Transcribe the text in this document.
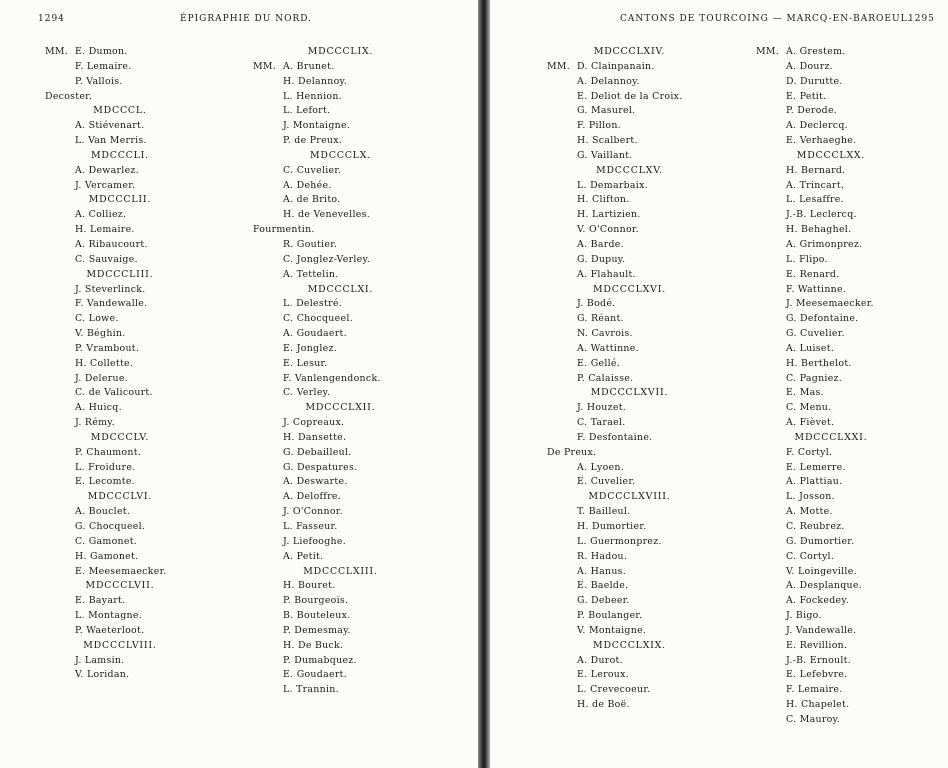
1294	ÉPIGRAPHIE DU NORD.
MM. E. Dumon.
F. Lemaire.
P. Vallois.
Decoster.
MDCCCL.
A. Stiévenart.
L. Van Merris.
MDCCCLI.
A. Dewarlez.
J. Vercamer.
MDCCCLII.
A. Colliez.
H. Lemaire.
A. Ribaucourt.
C. Sauvaige.
MDCCCLIII.
J. Steverlinck.
F. Vandewalle.
C. Lowe.
V. Béghin.
P. Vrambout.
H. Collette.
J. Delerue.
C. de Valicourt.
A. Huicq.
J. Rémy.
MDCCCLV.
P. Chaumont.
L. Froidure.
E. Lecomte.
MDCCCLVI.
A. Bouclet.
G. Chocqueel.
C. Gamonet.
H. Gamonet.
E. Meesemaecker.
MDCCCLVII.
E. Bayart.
L. Montagne.
P. Waeterloot.
MDCCCLVIII.
J. Lamsin.
V. Loridan.
MDCCCLIX.
MM. A. Brunet.
H. Delannoy.
L. Hennion.
L. Lefort.
J. Montaigne.
P. de Preux.
MDCCCLX.
C. Cuvelier.
A. Dehée.
A. de Brito.
H. de Venevelles.
Fourmentin.
R. Goutier.
C. Jonglez-Verley.
A. Tettelin.
MDCCCLXI.
L. Delestré.
C. Chocqueel.
A. Goudaert.
E. Jonglez.
E. Lesur.
F. Vanlengendonck.
C. Verley.
MDCCCLXII.
J. Copreaux.
H. Dansette.
G. Debailleul.
G. Despatures.
A. Deswarte.
A. Deloffre.
J. O'Connor.
L. Fasseur.
J. Liefooghe.
A. Petit.
MDCCCLXIII.
H. Bouret.
P. Bourgeois.
B. Bouteleux.
P. Demesmay.
H. De Buck.
P. Dumabquez.
E. Goudaert.
L. Trannin.
CANTONS DE TOURCOING — MARCQ-EN-BAROEUL.
1295
MDCCCLXIV.
MM. D. Clainpanain.
A. Delannoy.
E. Deliot de la Croix.
G. Masurel.
F. Pillon.
H. Scalbert.
G. Vaillant.
MDCCCLXV.
L. Demarbaix.
H. Clifton.
H. Lartizien.
V. O'Connor.
A. Barde.
G. Dupuy.
A. Flahault.
MDCCCLXVI.
J. Bodé.
G. Réant.
N. Cavrois.
A. Wattinne.
E. Gellé.
P. Calaisse.
MDCCCLXVII.
J. Houzet.
C. Tarael.
F. Desfontaine.
De Preux.
A. Lyoen.
E. Cuvelier.
MDCCCLXVIII.
T. Bailleul.
H. Dumortier.
L. Guermonprez.
R. Hadou.
A. Hanus.
E. Baelde.
G. Debeer.
P. Boulanger.
V. Montaigne.
MDCCCLXIX.
A. Durot.
E. Leroux.
L. Crevecoeur.
H. de Boë.
MM. A. Grestem.
A. Dourz.
D. Durutte.
E. Petit.
P. Derode.
A. Declercq.
E. Verhaeghe.
MDCCCLXX.
H. Bernard.
A. Trincart.
L. Lesaffre.
J.-B. Leclercq.
H. Behaghel.
A. Grimonprez.
L. Flipo.
E. Renard.
F. Wattinne.
J. Meesemaecker.
G. Defontaine.
G. Cuvelier.
A. Luiset.
H. Berthelot.
C. Pagniez.
E. Mas.
C. Menu.
A. Fièvet.
MDCCCLXXI.
F. Cortyl.
E. Lemerre.
A. Plattiau.
L. Josson.
A. Motte.
C. Reubrez.
G. Dumortier.
C. Cortyl.
V. Loingeville.
A. Desplanque.
A. Fockedey.
J. Bigo.
J. Vandewalle.
E. Revillion.
J.-B. Ernoult.
E. Lefebvre.
F. Lemaire.
H. Chapelet.
C. Mauroy.
